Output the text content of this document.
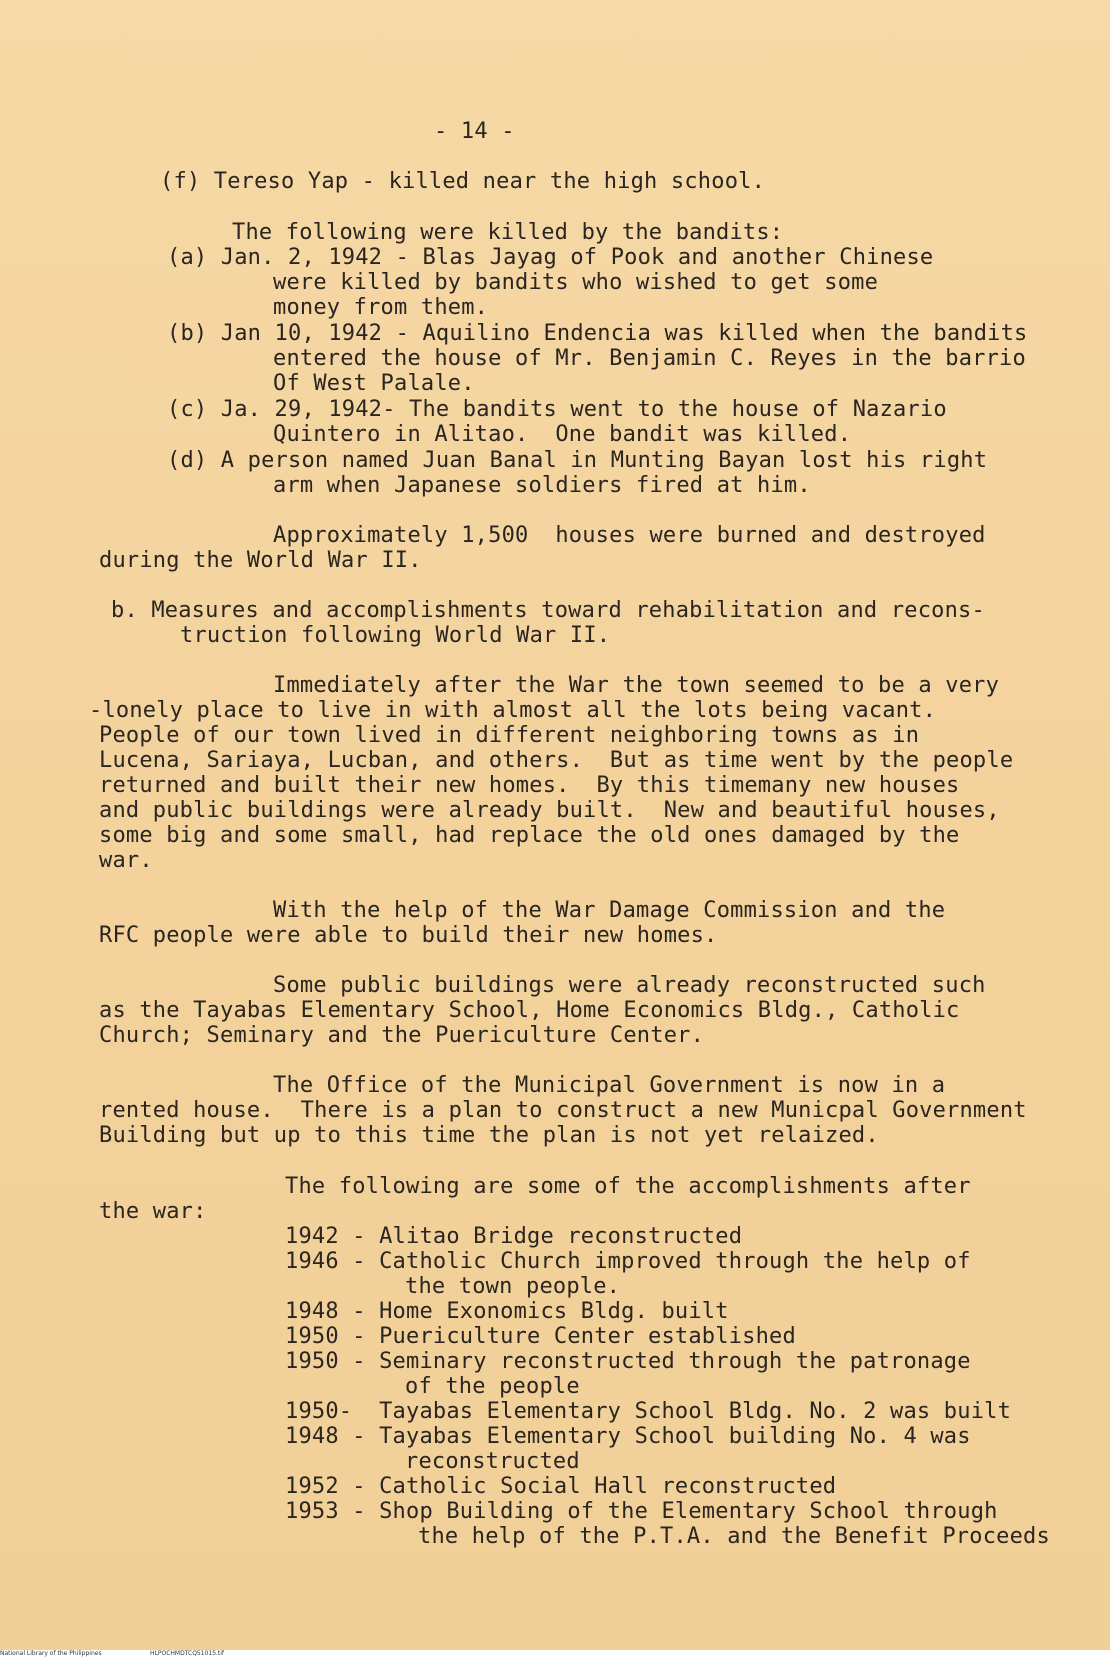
- 14 -
(f) Tereso Yap - killed near the high school.
The following were killed by the bandits:
(a) Jan. 2, 1942 - Blas Jayag of Pook and another Chinese
were killed by bandits who wished to get some
money from them.
(b) Jan 10, 1942 - Aquilino Endencia was killed when the bandits
entered the house of Mr. Benjamin C. Reyes in the barrio
Of West Palale.
(c) Ja. 29, 1942- The bandits went to the house of Nazario
Quintero in Alitao.  One bandit was killed.
(d) A person named Juan Banal in Munting Bayan lost his right
arm when Japanese soldiers fired at him.
Approximately 1,500  houses were burned and destroyed
during the World War II.
b. Measures and accomplishments toward rehabilitation and recons-
truction following World War II.
Immediately after the War the town seemed to be a very
-lonely place to live in with almost all the lots being vacant.
People of our town lived in different neighboring towns as in
Lucena, Sariaya, Lucban, and others.  But as time went by the people
returned and built their new homes.  By this timemany new houses
and public buildings were already built.  New and beautiful houses,
some big and some small, had replace the old ones damaged by the
war.
With the help of the War Damage Commission and the
RFC people were able to build their new homes.
Some public buildings were already reconstructed such
as the Tayabas Elementary School, Home Economics Bldg., Catholic
Church; Seminary and the Puericulture Center.
The Office of the Municipal Government is now in a
rented house.  There is a plan to construct a new Municpal Government
Building but up to this time the plan is not yet relaized.
The following are some of the accomplishments after
the war:
1942 - Alitao Bridge reconstructed
1946 - Catholic Church improved through the help of
the town people.
1948 - Home Exonomics Bldg. built
1950 - Puericulture Center established
1950 - Seminary reconstructed through the patronage
of the people
1950-  Tayabas Elementary School Bldg. No. 2 was built
1948 - Tayabas Elementary School building No. 4 was
reconstructed
1952 - Catholic Social Hall reconstructed
1953 - Shop Building of the Elementary School through
the help of the P.T.A. and the Benefit Proceeds
National Library of the Philippines	HLPOCHMDTCQ51015.tif
